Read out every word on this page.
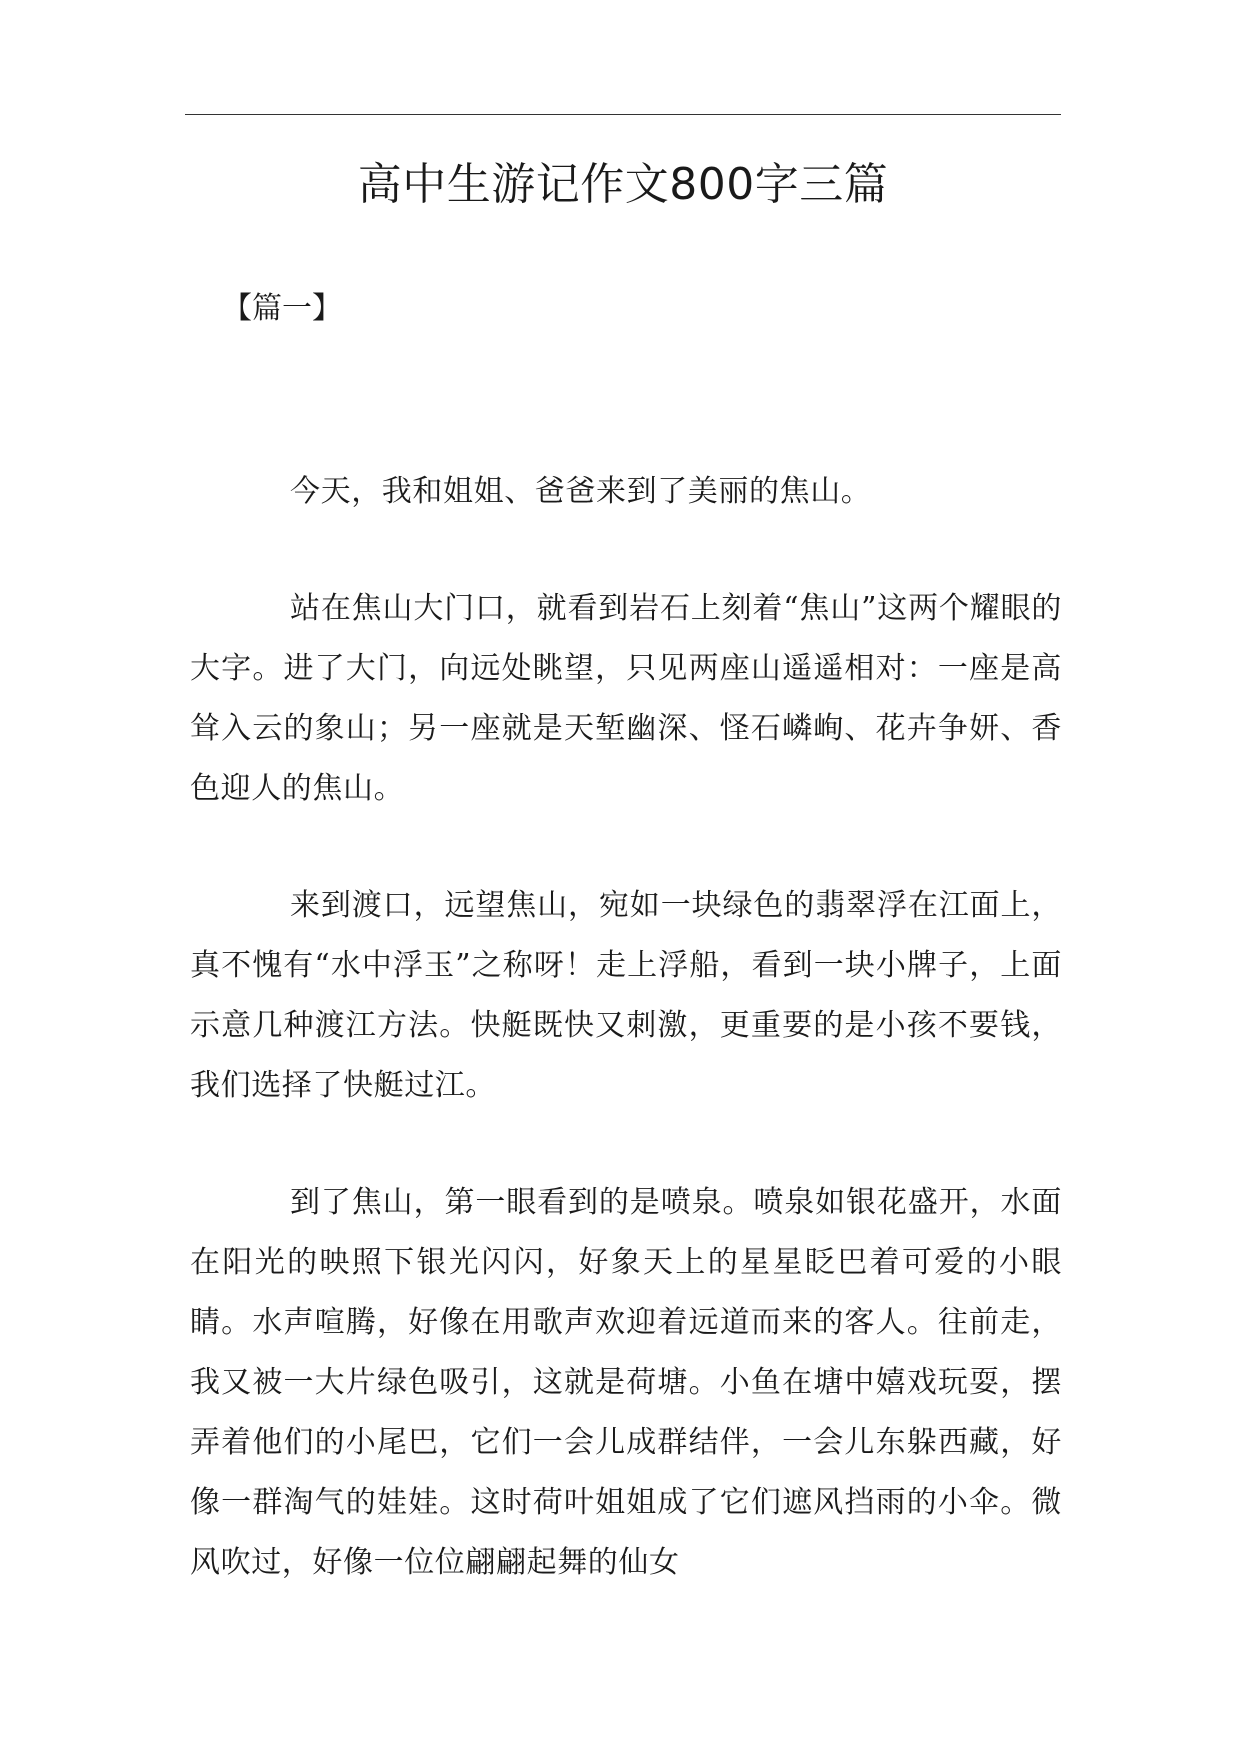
高中生游记作文800字三篇

【篇一】

今天，我和姐姐、爸爸来到了美丽的焦山。

站在焦山大门口，就看到岩石上刻着“焦山”这两个耀眼的大字。进了大门，向远处眺望，只见两座山遥遥相对：一座是高耸入云的象山；另一座就是天堑幽深、怪石嶙峋、花卉争妍、香色迎人的焦山。

来到渡口，远望焦山，宛如一块绿色的翡翠浮在江面上，真不愧有“水中浮玉”之称呀！走上浮船，看到一块小牌子，上面示意几种渡江方法。快艇既快又刺激，更重要的是小孩不要钱，我们选择了快艇过江。

到了焦山，第一眼看到的是喷泉。喷泉如银花盛开，水面在阳光的映照下银光闪闪，好象天上的星星眨巴着可爱的小眼睛。水声喧腾，好像在用歌声欢迎着远道而来的客人。往前走，我又被一大片绿色吸引，这就是荷塘。小鱼在塘中嬉戏玩耍，摆弄着他们的小尾巴，它们一会儿成群结伴，一会儿东躲西藏，好像一群淘气的娃娃。这时荷叶姐姐成了它们遮风挡雨的小伞。微风吹过，好像一位位翩翩起舞的仙女
